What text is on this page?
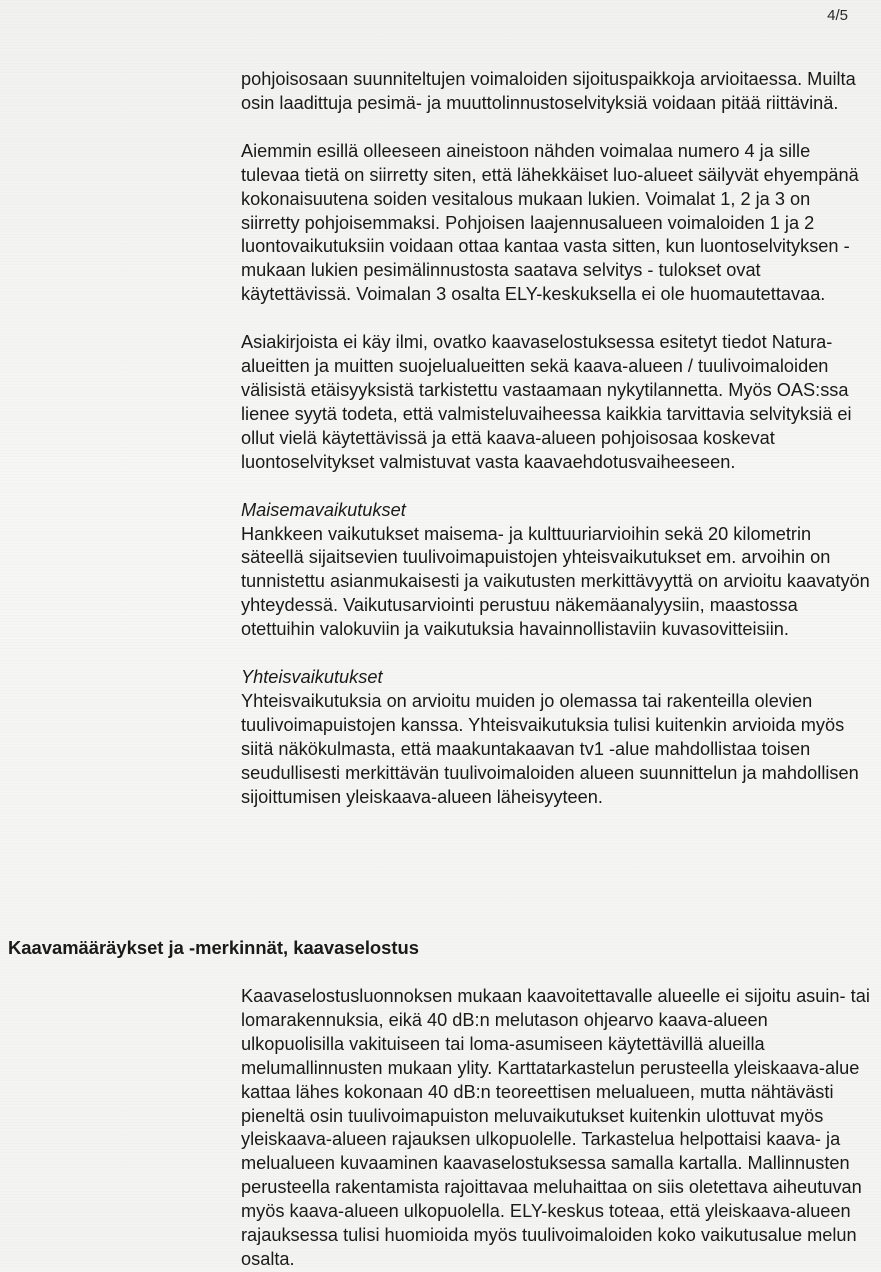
4/5

pohjoisosaan suunniteltujen voimaloiden sijoituspaikkoja arvioitaessa. Muilta osin laadittuja pesimä- ja muuttolinnustoselvityksiä voidaan pitää riittävinä.

Aiemmin esillä olleeseen aineistoon nähden voimalaa numero 4 ja sille tulevaa tietä on siirretty siten, että lähekkäiset luo-alueet säilyvät ehyempänä kokonaisuutena soiden vesitalous mukaan lukien. Voimalat 1, 2 ja 3 on siirretty pohjoisemmaksi. Pohjoisen laajennusalueen voimaloiden 1 ja 2 luontovaikutuksiin voidaan ottaa kantaa vasta sitten, kun luontoselvityksen - mukaan lukien pesimälinnustosta saatava selvitys - tulokset ovat käytettävissä. Voimalan 3 osalta ELY-keskuksella ei ole huomautettavaa.

Asiakirjoista ei käy ilmi, ovatko kaavaselostuksessa esitetyt tiedot Natura-alueitten ja muitten suojelualueitten sekä kaava-alueen / tuulivoimaloiden välisistä etäisyyksistä tarkistettu vastaamaan nykytilannetta. Myös OAS:ssa lienee syytä todeta, että valmisteluvaiheessa kaikkia tarvittavia selvityksiä ei ollut vielä käytettävissä ja että kaava-alueen pohjoisosaa koskevat luontoselvitykset valmistuvat vasta kaavaehdotusvaiheeseen.

Maisemavaikutukset

Hankkeen vaikutukset maisema- ja kulttuuriarvioihin sekä 20 kilometrin säteellä sijaitsevien tuulivoimapuistojen yhteisvaikutukset em. arvoihin on tunnistettu asianmukaisesti ja vaikutusten merkittävyyttä on arvioitu kaavatyön yhteydessä. Vaikutusarviointi perustuu näkemäanalyysiin, maastossa otettuihin valokuviin ja vaikutuksia havainnollistaviin kuvasovitteisiin.

Yhteisvaikutukset

Yhteisvaikutuksia on arvioitu muiden jo olemassa tai rakenteilla olevien tuulivoimapuistojen kanssa. Yhteisvaikutuksia tulisi kuitenkin arvioida myös siitä näkökulmasta, että maakuntakaavan tv1 -alue mahdollistaa toisen seudullisesti merkittävän tuulivoimaloiden alueen suunnittelun ja mahdollisen sijoittumisen yleiskaava-alueen läheisyyteen.

Kaavamääräykset ja -merkinnät, kaavaselostus

Kaavaselostusluonnoksen mukaan kaavoitettavalle alueelle ei sijoitu asuin- tai lomarakennuksia, eikä 40 dB:n melutason ohjearvo kaava-alueen ulkopuolisilla vakituiseen tai loma-asumiseen käytettävillä alueilla melumallinnusten mukaan ylity. Karttatarkastelun perusteella yleiskaava-alue kattaa lähes kokonaan 40 dB:n teoreettisen melualueen, mutta nähtävästi pieneltä osin tuulivoimapuiston meluvaikutukset kuitenkin ulottuvat myös yleiskaava-alueen rajauksen ulkopuolelle. Tarkastelua helpottaisi kaava- ja melualueen kuvaaminen kaavaselostuksessa samalla kartalla. Mallinnusten perusteella rakentamista rajoittavaa meluhaittaa on siis oletettava aiheutuvan myös kaava-alueen ulkopuolella. ELY-keskus toteaa, että yleiskaava-alueen rajauksessa tulisi huomioida myös tuulivoimaloiden koko vaikutusalue melun osalta.
